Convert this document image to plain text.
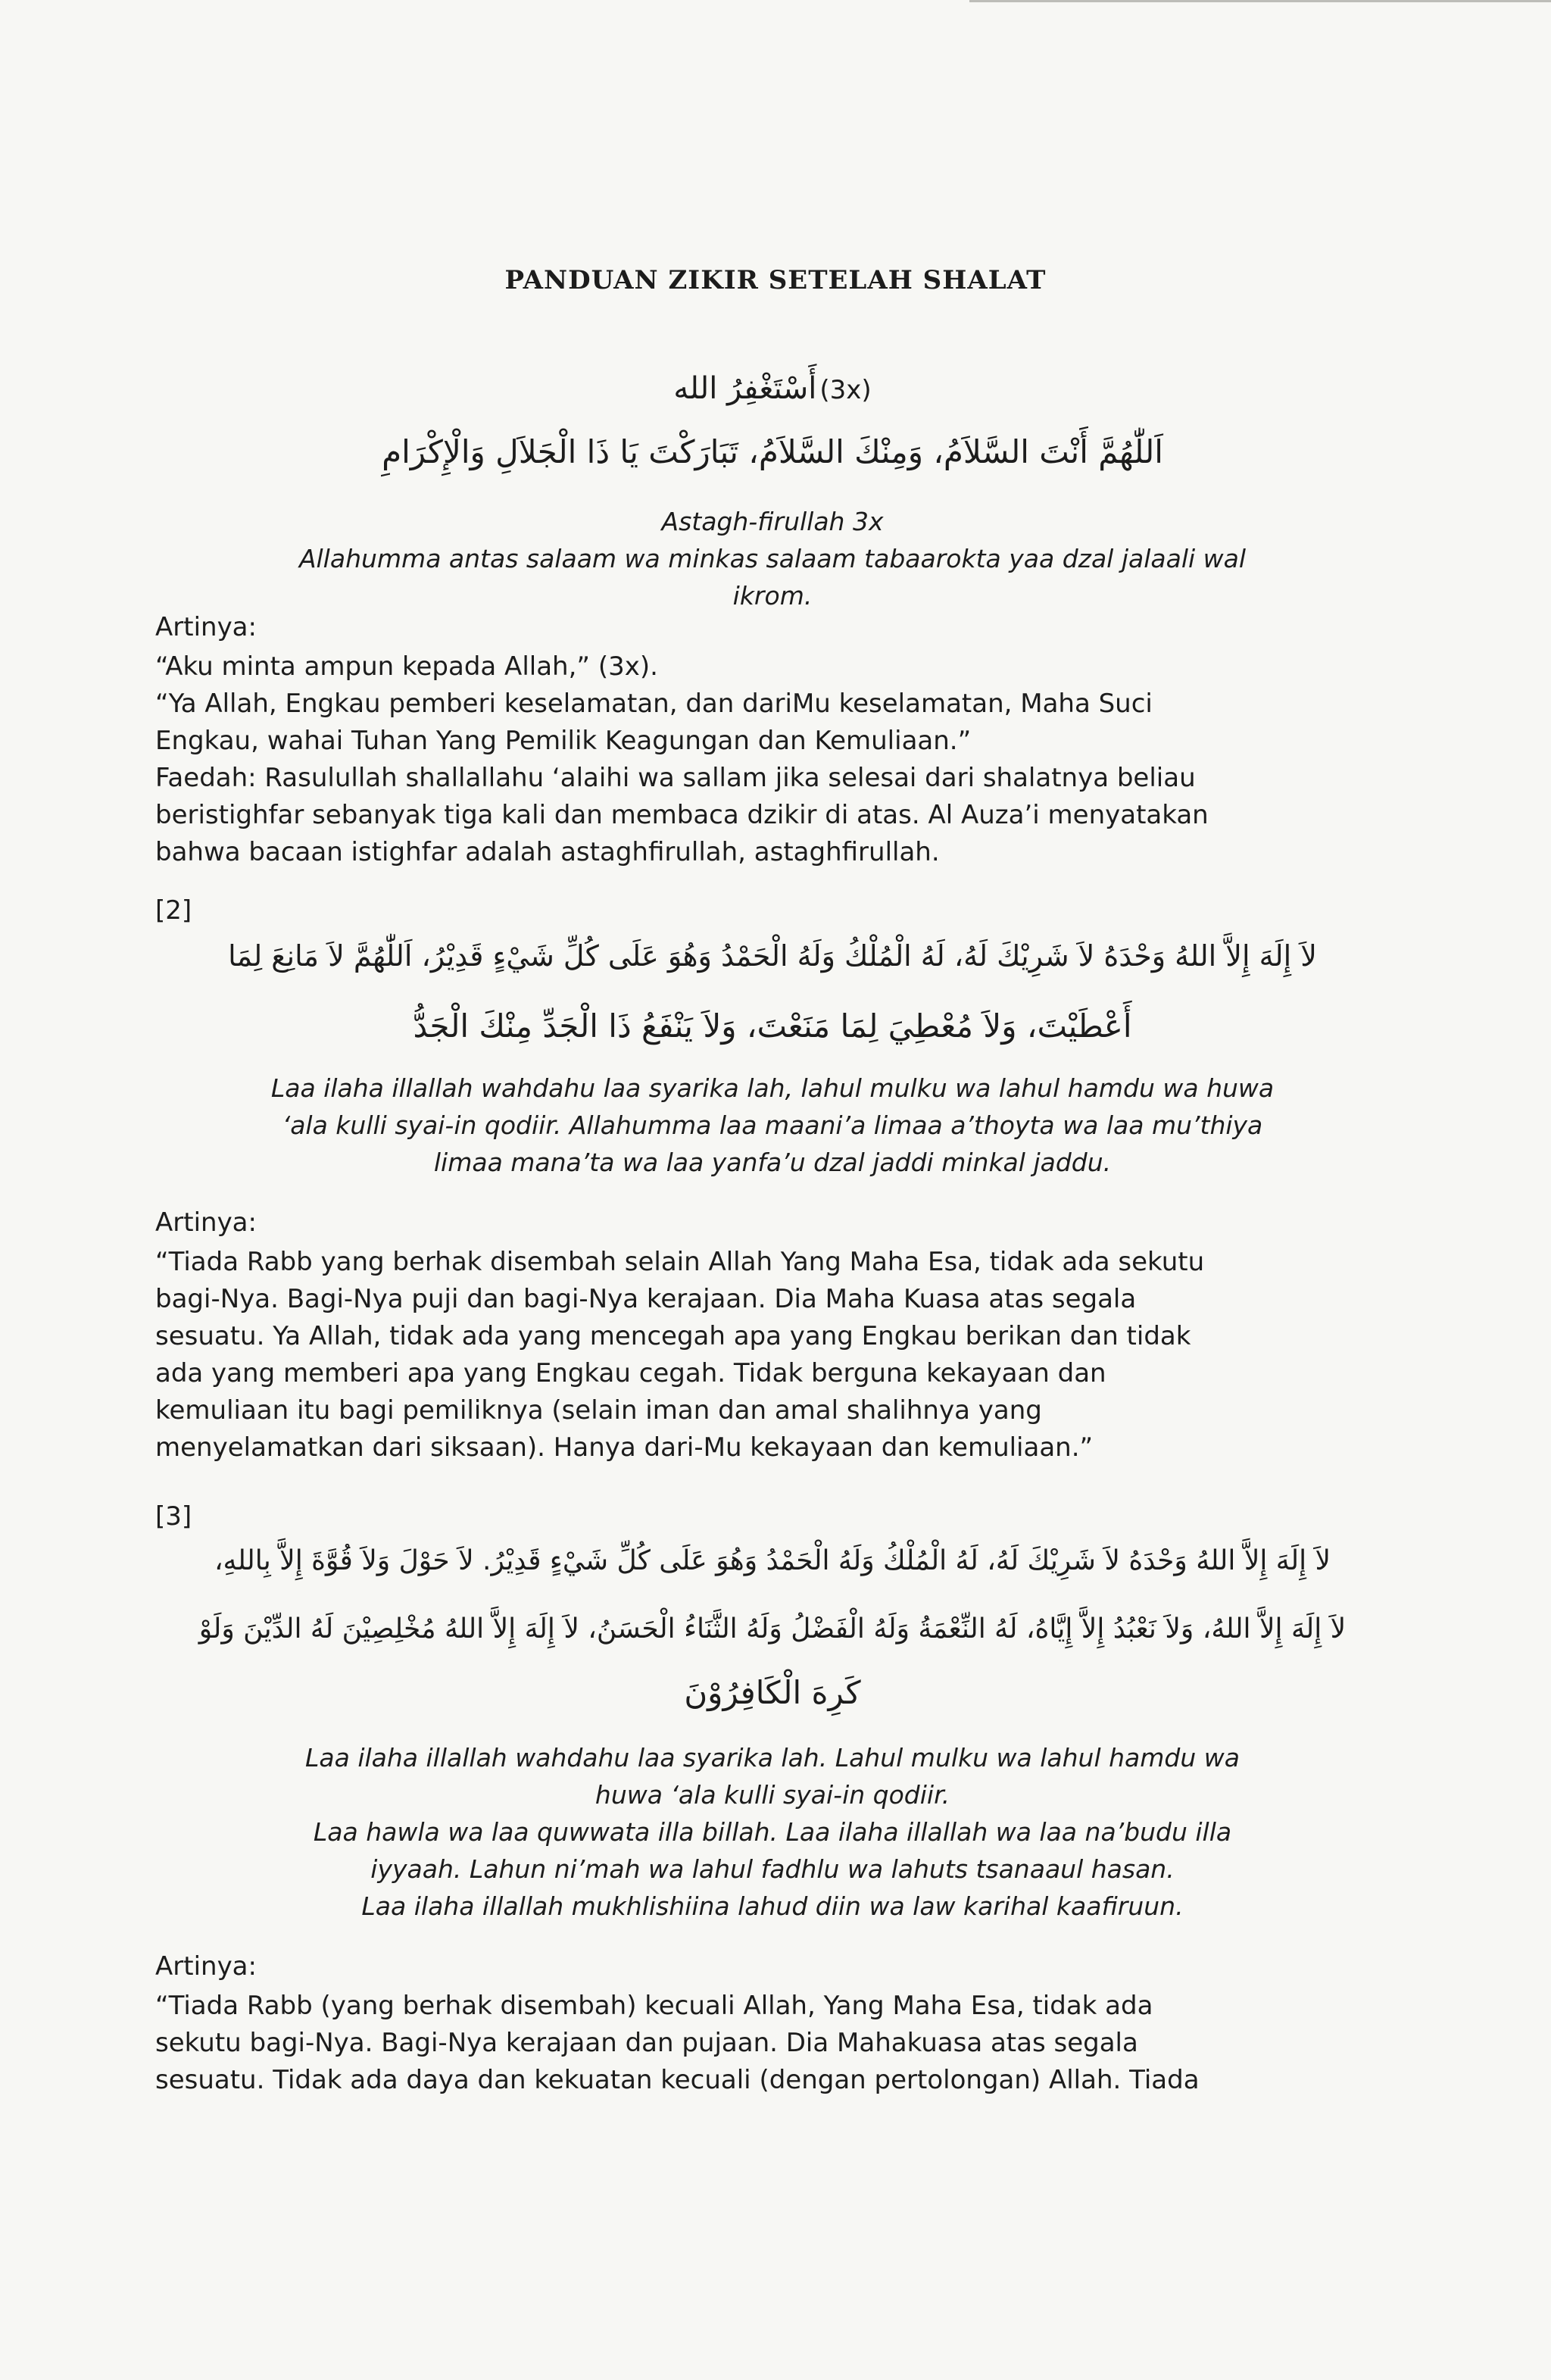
PANDUAN ZIKIR SETELAH SHALAT
أَسْتَغْفِرُ الله (3x)
اَللّٰهُمَّ أَنْتَ السَّلاَمُ، وَمِنْكَ السَّلاَمُ، تَبَارَكْتَ يَا ذَا الْجَلاَلِ وَالْإِكْرَامِ
Astagh-firullah 3x
Allahumma antas salaam wa minkas salaam tabaarokta yaa dzal jalaali wal
ikrom.
Artinya:
“Aku minta ampun kepada Allah,” (3x).
“Ya Allah, Engkau pemberi keselamatan, dan dariMu keselamatan, Maha Suci
Engkau, wahai Tuhan Yang Pemilik Keagungan dan Kemuliaan.”
Faedah: Rasulullah shallallahu ‘alaihi wa sallam jika selesai dari shalatnya beliau
beristighfar sebanyak tiga kali dan membaca dzikir di atas. Al Auza’i menyatakan
bahwa bacaan istighfar adalah astaghfirullah, astaghfirullah.
[2]
لاَ إِلَهَ إِلاَّ اللهُ وَحْدَهُ لاَ شَرِيْكَ لَهُ، لَهُ الْمُلْكُ وَلَهُ الْحَمْدُ وَهُوَ عَلَى كُلِّ شَيْءٍ قَدِيْرُ، اَللّٰهُمَّ لاَ مَانِعَ لِمَا
أَعْطَيْتَ، وَلاَ مُعْطِيَ لِمَا مَنَعْتَ، وَلاَ يَنْفَعُ ذَا الْجَدِّ مِنْكَ الْجَدُّ
Laa ilaha illallah wahdahu laa syarika lah, lahul mulku wa lahul hamdu wa huwa
‘ala kulli syai-in qodiir. Allahumma laa maani’a limaa a’thoyta wa laa mu’thiya
limaa mana’ta wa laa yanfa’u dzal jaddi minkal jaddu.
Artinya:
“Tiada Rabb yang berhak disembah selain Allah Yang Maha Esa, tidak ada sekutu
bagi-Nya. Bagi-Nya puji dan bagi-Nya kerajaan. Dia Maha Kuasa atas segala
sesuatu. Ya Allah, tidak ada yang mencegah apa yang Engkau berikan dan tidak
ada yang memberi apa yang Engkau cegah. Tidak berguna kekayaan dan
kemuliaan itu bagi pemiliknya (selain iman dan amal shalihnya yang
menyelamatkan dari siksaan). Hanya dari-Mu kekayaan dan kemuliaan.”
[3]
لاَ إِلَهَ إِلاَّ اللهُ وَحْدَهُ لاَ شَرِيْكَ لَهُ، لَهُ الْمُلْكُ وَلَهُ الْحَمْدُ وَهُوَ عَلَى كُلِّ شَيْءٍ قَدِيْرُ. لاَ حَوْلَ وَلاَ قُوَّةَ إِلاَّ بِاللهِ،
لاَ إِلَهَ إِلاَّ اللهُ، وَلاَ نَعْبُدُ إِلاَّ إِيَّاهُ، لَهُ النِّعْمَةُ وَلَهُ الْفَضْلُ وَلَهُ الثَّنَاءُ الْحَسَنُ، لاَ إِلَهَ إِلاَّ اللهُ مُخْلِصِيْنَ لَهُ الدِّيْنَ وَلَوْ
كَرِهَ الْكَافِرُوْنَ
Laa ilaha illallah wahdahu laa syarika lah. Lahul mulku wa lahul hamdu wa
huwa ‘ala kulli syai-in qodiir.
Laa hawla wa laa quwwata illa billah. Laa ilaha illallah wa laa na’budu illa
iyyaah. Lahun ni’mah wa lahul fadhlu wa lahuts tsanaaul hasan.
Laa ilaha illallah mukhlishiina lahud diin wa law karihal kaafiruun.
Artinya:
“Tiada Rabb (yang berhak disembah) kecuali Allah, Yang Maha Esa, tidak ada
sekutu bagi-Nya. Bagi-Nya kerajaan dan pujaan. Dia Mahakuasa atas segala
sesuatu. Tidak ada daya dan kekuatan kecuali (dengan pertolongan) Allah. Tiada
